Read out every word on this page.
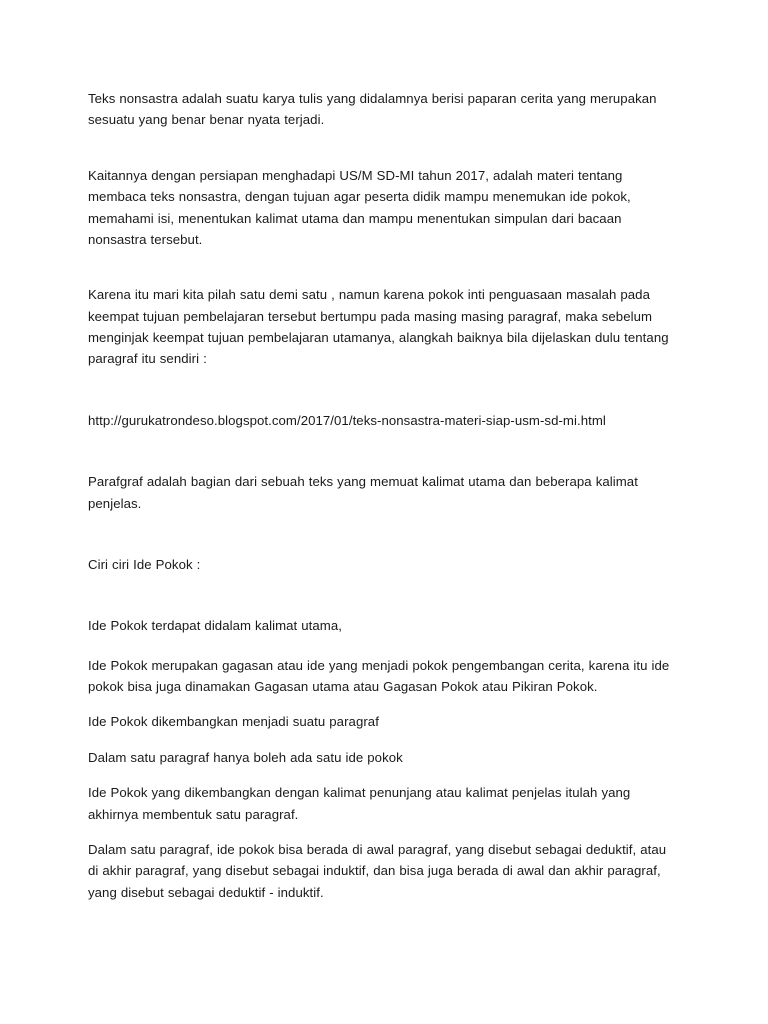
Teks nonsastra adalah suatu karya tulis yang didalamnya berisi paparan cerita yang merupakan sesuatu yang benar benar nyata terjadi.

Kaitannya dengan persiapan menghadapi US/M SD-MI tahun 2017, adalah materi tentang membaca teks nonsastra, dengan tujuan agar peserta didik mampu menemukan ide pokok, memahami isi, menentukan kalimat utama dan mampu menentukan simpulan dari bacaan nonsastra tersebut.

Karena itu mari kita pilah satu demi satu , namun karena pokok inti penguasaan masalah pada keempat tujuan pembelajaran tersebut bertumpu pada masing masing paragraf, maka sebelum menginjak keempat tujuan pembelajaran utamanya, alangkah baiknya bila dijelaskan dulu tentang paragraf itu sendiri :

http://gurukatrondeso.blogspot.com/2017/01/teks-nonsastra-materi-siap-usm-sd-mi.html

Parafgraf adalah bagian dari sebuah teks yang memuat kalimat utama dan beberapa kalimat penjelas.

Ciri ciri Ide Pokok :

Ide Pokok terdapat didalam kalimat utama,

Ide Pokok merupakan gagasan atau ide yang menjadi pokok pengembangan cerita, karena itu ide pokok bisa juga dinamakan Gagasan utama atau Gagasan Pokok atau Pikiran Pokok.

Ide Pokok dikembangkan menjadi suatu paragraf

Dalam satu paragraf hanya boleh ada satu ide pokok

Ide Pokok yang dikembangkan dengan kalimat penunjang atau kalimat penjelas itulah yang akhirnya membentuk satu paragraf.

Dalam satu paragraf, ide pokok bisa berada di awal paragraf, yang disebut sebagai deduktif, atau di akhir paragraf, yang disebut sebagai induktif, dan bisa juga berada di awal dan akhir paragraf, yang disebut sebagai deduktif - induktif.
